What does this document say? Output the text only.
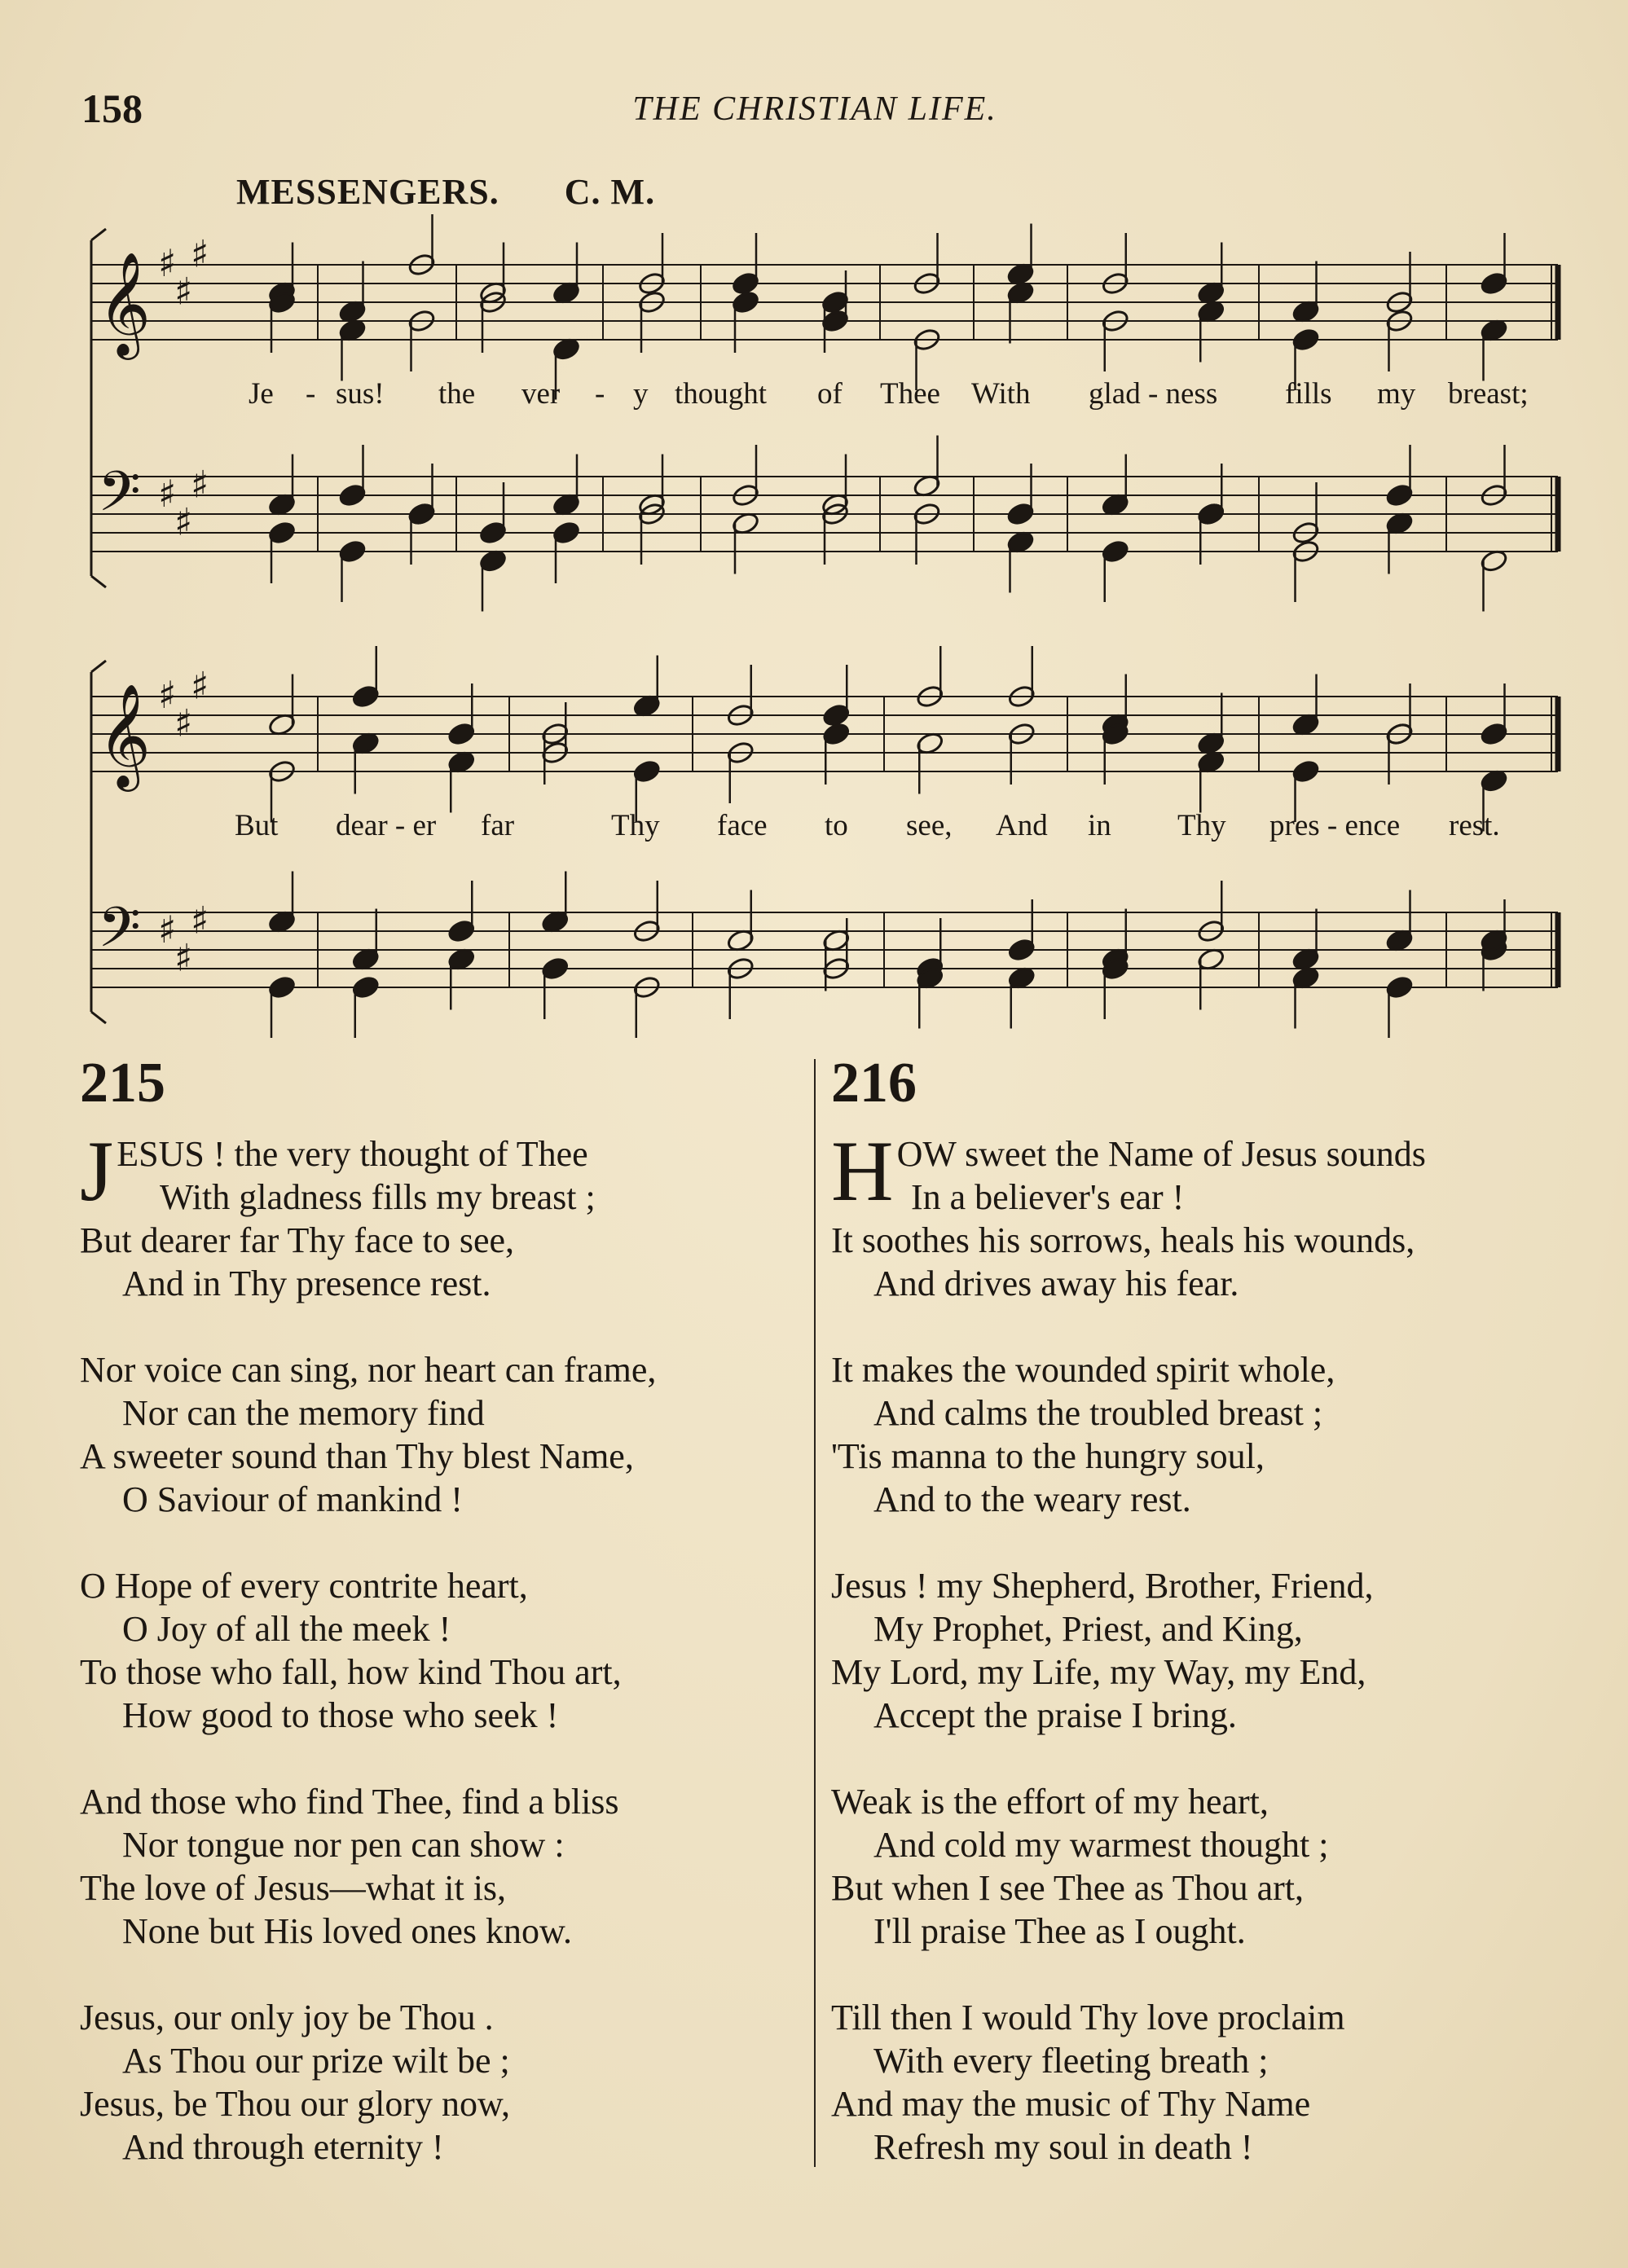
158	THE CHRISTIAN LIFE.
MESSENGERS. C. M.
𝄞 ♯
♯
♯
𝄢 ♯
♯
♯
𝄞 ♯
♯
♯
𝄢 ♯
♯
♯
Je - sus! the ver - y thought of Thee With glad - ness fills my breast;
But dear - er far	Thy face to see, And in Thy pres - ence rest.
215	216
JESUS ! the very thought of Thee
With gladness fills my breast ;
But dearer far Thy face to see,
And in Thy presence rest.
Nor voice can sing, nor heart can frame,
Nor can the memory find
A sweeter sound than Thy blest Name,
O Saviour of mankind !
O Hope of every contrite heart,
O Joy of all the meek !
To those who fall, how kind Thou art,
How good to those who seek !
And those who find Thee, find a bliss
Nor tongue nor pen can show :
The love of Jesus—what it is,
None but His loved ones know.
Jesus, our only joy be Thou .
As Thou our prize wilt be ;
Jesus, be Thou our glory now,
And through eternity !
HOW sweet the Name of Jesus sounds
In a believer's ear !
It soothes his sorrows, heals his wounds,
And drives away his fear.
It makes the wounded spirit whole,
And calms the troubled breast ;
'Tis manna to the hungry soul,
And to the weary rest.
Jesus ! my Shepherd, Brother, Friend,
My Prophet, Priest, and King,
My Lord, my Life, my Way, my End,
Accept the praise I bring.
Weak is the effort of my heart,
And cold my warmest thought ;
But when I see Thee as Thou art,
I'll praise Thee as I ought.
Till then I would Thy love proclaim
With every fleeting breath ;
And may the music of Thy Name
Refresh my soul in death !
